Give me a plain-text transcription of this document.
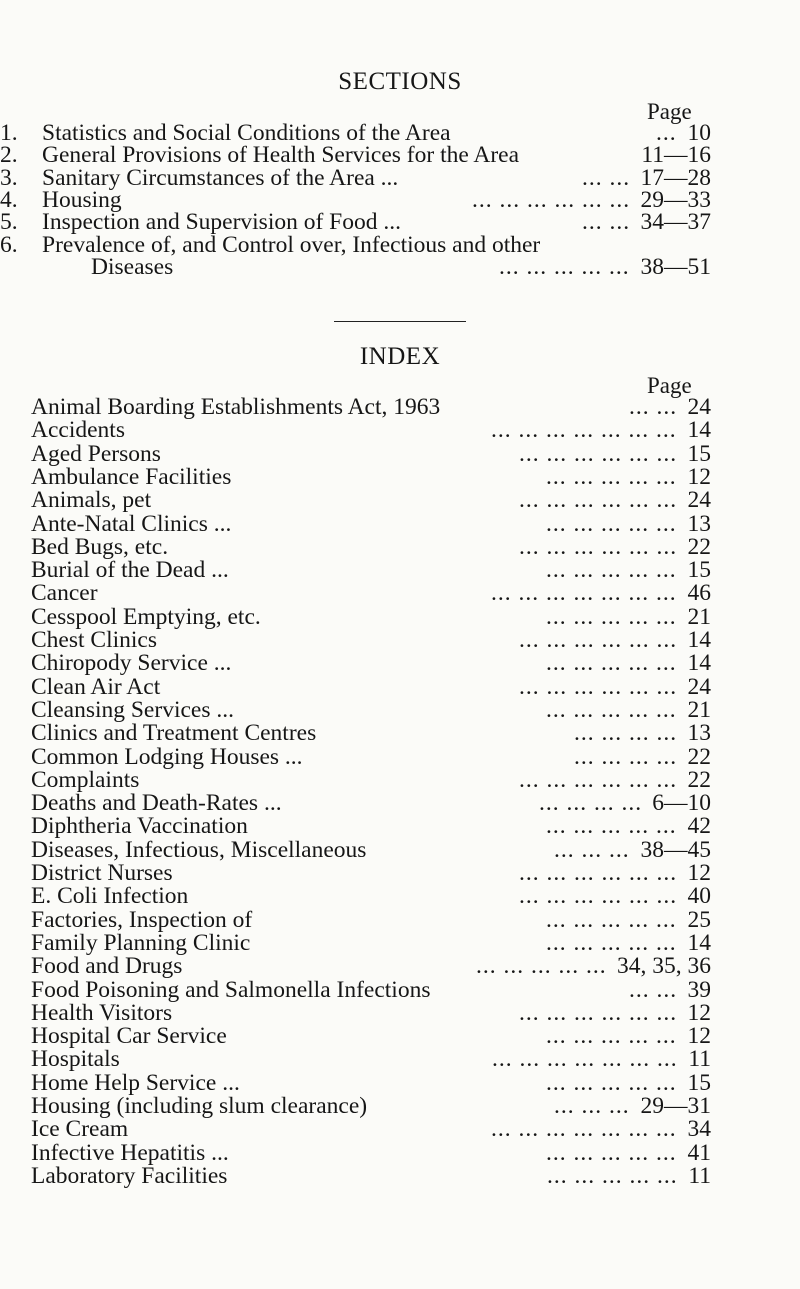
SECTIONS
Page
1. Statistics and Social Conditions of the Area	... 10
2. General Provisions of Health Services for the Area	11—16
3. Sanitary Circumstances of the Area ...	... ... 17—28
4. Housing	... ... ... ... ... ... 29—33
5. Inspection and Supervision of Food ...	... ... 34—37
6. Prevalence of, and Control over, Infectious and other
Diseases	... ... ... ... ... 38—51
INDEX
Page
Animal Boarding Establishments Act, 1963	... ... 24
Accidents	... ... ... ... ... ... ... 14
Aged Persons	... ... ... ... ... ... 15
Ambulance Facilities	... ... ... ... ... 12
Animals, pet	... ... ... ... ... ... 24
Ante-Natal Clinics ...	... ... ... ... ... 13
Bed Bugs, etc.	... ... ... ... ... ... 22
Burial of the Dead ...	... ... ... ... ... 15
Cancer	... ... ... ... ... ... ... 46
Cesspool Emptying, etc.	... ... ... ... ... 21
Chest Clinics	... ... ... ... ... ... 14
Chiropody Service ...	... ... ... ... ... 14
Clean Air Act	... ... ... ... ... ... 24
Cleansing Services ...	... ... ... ... ... 21
Clinics and Treatment Centres	... ... ... ... 13
Common Lodging Houses ...	... ... ... ... 22
Complaints	... ... ... ... ... ... 22
Deaths and Death-Rates ...	... ... ... ... 6—10
Diphtheria Vaccination	... ... ... ... ... 42
Diseases, Infectious, Miscellaneous	... ... ... 38—45
District Nurses	... ... ... ... ... ... 12
E. Coli Infection	... ... ... ... ... ... 40
Factories, Inspection of	... ... ... ... ... 25
Family Planning Clinic	... ... ... ... ... 14
Food and Drugs	... ... ... ... ... 34, 35, 36
Food Poisoning and Salmonella Infections	... ... 39
Health Visitors	... ... ... ... ... ... 12
Hospital Car Service	... ... ... ... ... 12
Hospitals	... ... ... ... ... ... ... 11
Home Help Service ...	... ... ... ... ... 15
Housing (including slum clearance)	... ... ... 29—31
Ice Cream	... ... ... ... ... ... ... 34
Infective Hepatitis ...	... ... ... ... ... 41
Laboratory Facilities	... ... ... ... ... 11
